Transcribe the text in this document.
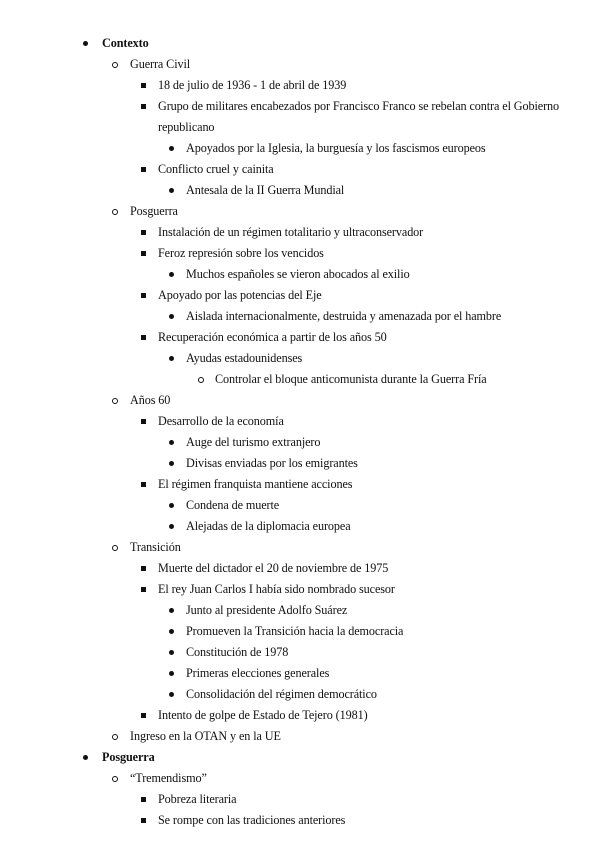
Contexto
Guerra Civil
18 de julio de 1936 - 1 de abril de 1939
Grupo de militares encabezados por Francisco Franco se rebelan contra el Gobierno republicano
Apoyados por la Iglesia, la burguesía y los fascismos europeos
Conflicto cruel y cainita
Antesala de la II Guerra Mundial
Posguerra
Instalación de un régimen totalitario y ultraconservador
Feroz represión sobre los vencidos
Muchos españoles se vieron abocados al exilio
Apoyado por las potencias del Eje
Aislada internacionalmente, destruida y amenazada por el hambre
Recuperación económica a partir de los años 50
Ayudas estadounidenses
Controlar el bloque anticomunista durante la Guerra Fría
Años 60
Desarrollo de la economía
Auge del turismo extranjero
Divisas enviadas por los emigrantes
El régimen franquista mantiene acciones
Condena de muerte
Alejadas de la diplomacia europea
Transición
Muerte del dictador el 20 de noviembre de 1975
El rey Juan Carlos I había sido nombrado sucesor
Junto al presidente Adolfo Suárez
Promueven la Transición hacia la democracia
Constitución de 1978
Primeras elecciones generales
Consolidación del régimen democrático
Intento de golpe de Estado de Tejero (1981)
Ingreso en la OTAN y en la UE
Posguerra
“Tremendismo”
Pobreza literaria
Se rompe con las tradiciones anteriores
